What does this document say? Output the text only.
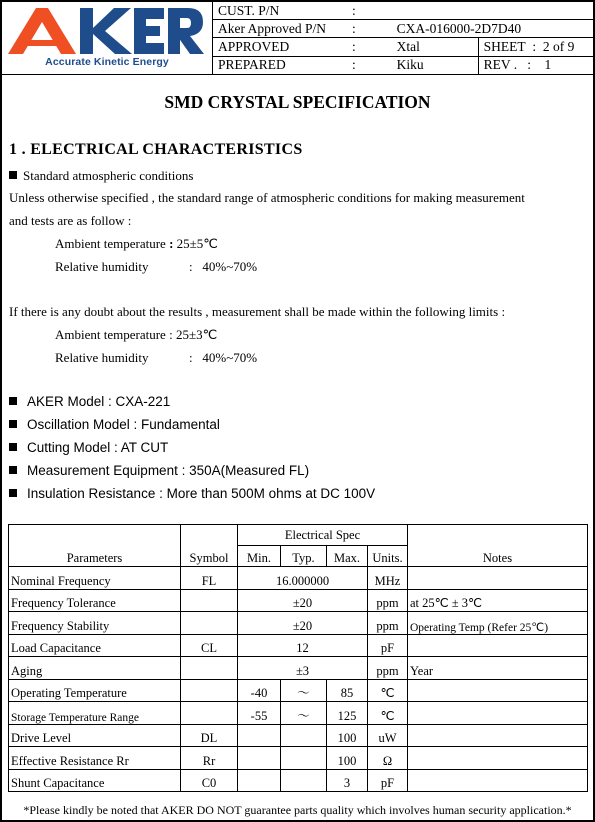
Accurate Kinetic Energy
CUST. P/N	:		
Aker Approved P/N	:	CXA-016000-2D7D40	
APPROVED	:	Xtal	SHEET : 2 of 9
PREPARED	:	Kiku	REV . : 1
SMD CRYSTAL SPECIFICATION
1 . ELECTRICAL CHARACTERISTICS
Standard atmospheric conditions
Unless otherwise specified , the standard range of atmospheric conditions for making measurement
and tests are as follow :
Ambient temperature : 25±5℃
Relative humidity	: 40%~70%
If there is any doubt about the results , measurement shall be made within the following limits :
Ambient temperature : 25±3℃
Relative humidity	: 40%~70%
AKER Model : CXA-221
Oscillation Model : Fundamental
Cutting Model : AT CUT
Measurement Equipment : 350A(Measured FL)
Insulation Resistance : More than 500M ohms at DC 100V
Parameters	Symbol	Electrical Spec				Notes
		Min.	Typ.	Max.	Units.	
Nominal Frequency	FL	16.000000			MHz	
Frequency Tolerance		±20			ppm	at 25℃ ± 3℃
Frequency Stability		±20			ppm	Operating Temp (Refer 25℃)
Load Capacitance	CL	12			pF	
Aging		±3			ppm	Year
Operating Temperature		-40	～	85	℃	
Storage Temperature Range		-55	～	125	℃	
Drive Level	DL			100	uW	
Effective Resistance Rr	Rr			100	Ω	
Shunt Capacitance	C0			3	pF	
*Please kindly be noted that AKER DO NOT guarantee parts quality which involves human security application.*
